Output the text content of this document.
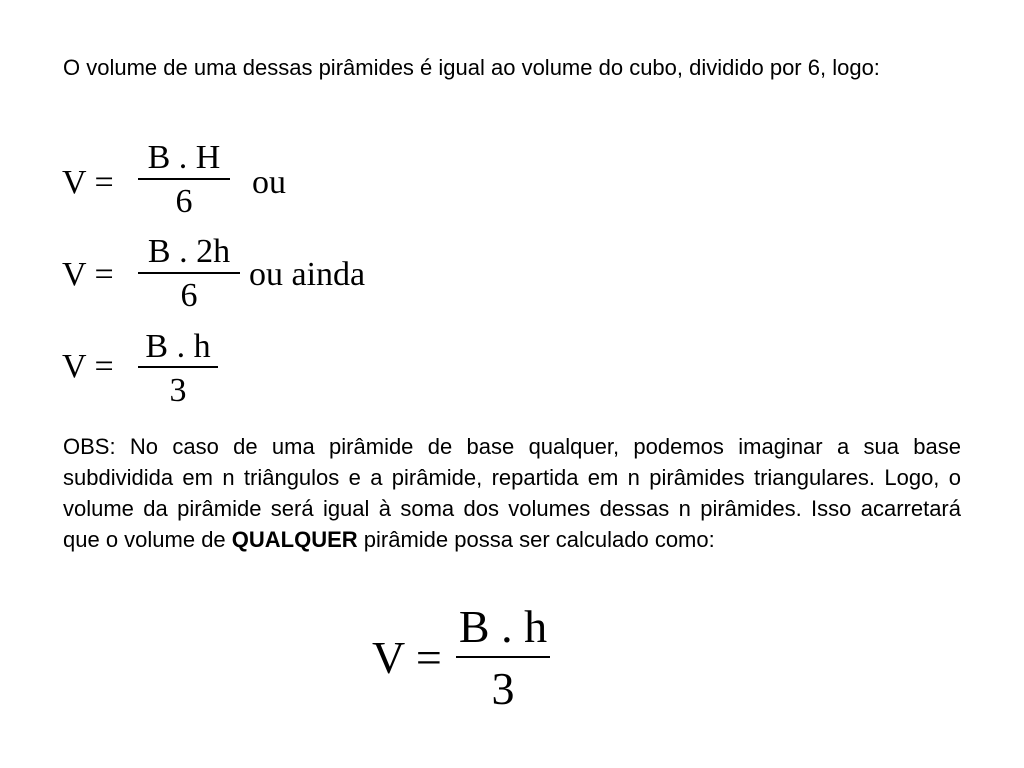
O volume de uma dessas pirâmides é igual ao volume do cubo, dividido por 6, logo:

V =
B . H
6
ou
V =
B . 2h
6
ou ainda
V =
B . h
3

OBS: No caso de uma pirâmide de base qualquer, podemos imaginar a sua base subdividida em n triângulos e a pirâmide, repartida em n pirâmides triangulares. Logo, o volume da pirâmide será igual à soma dos volumes dessas n pirâmides. Isso acarretará que o volume de QUALQUER pirâmide possa ser calculado como:

V =
B . h
3
